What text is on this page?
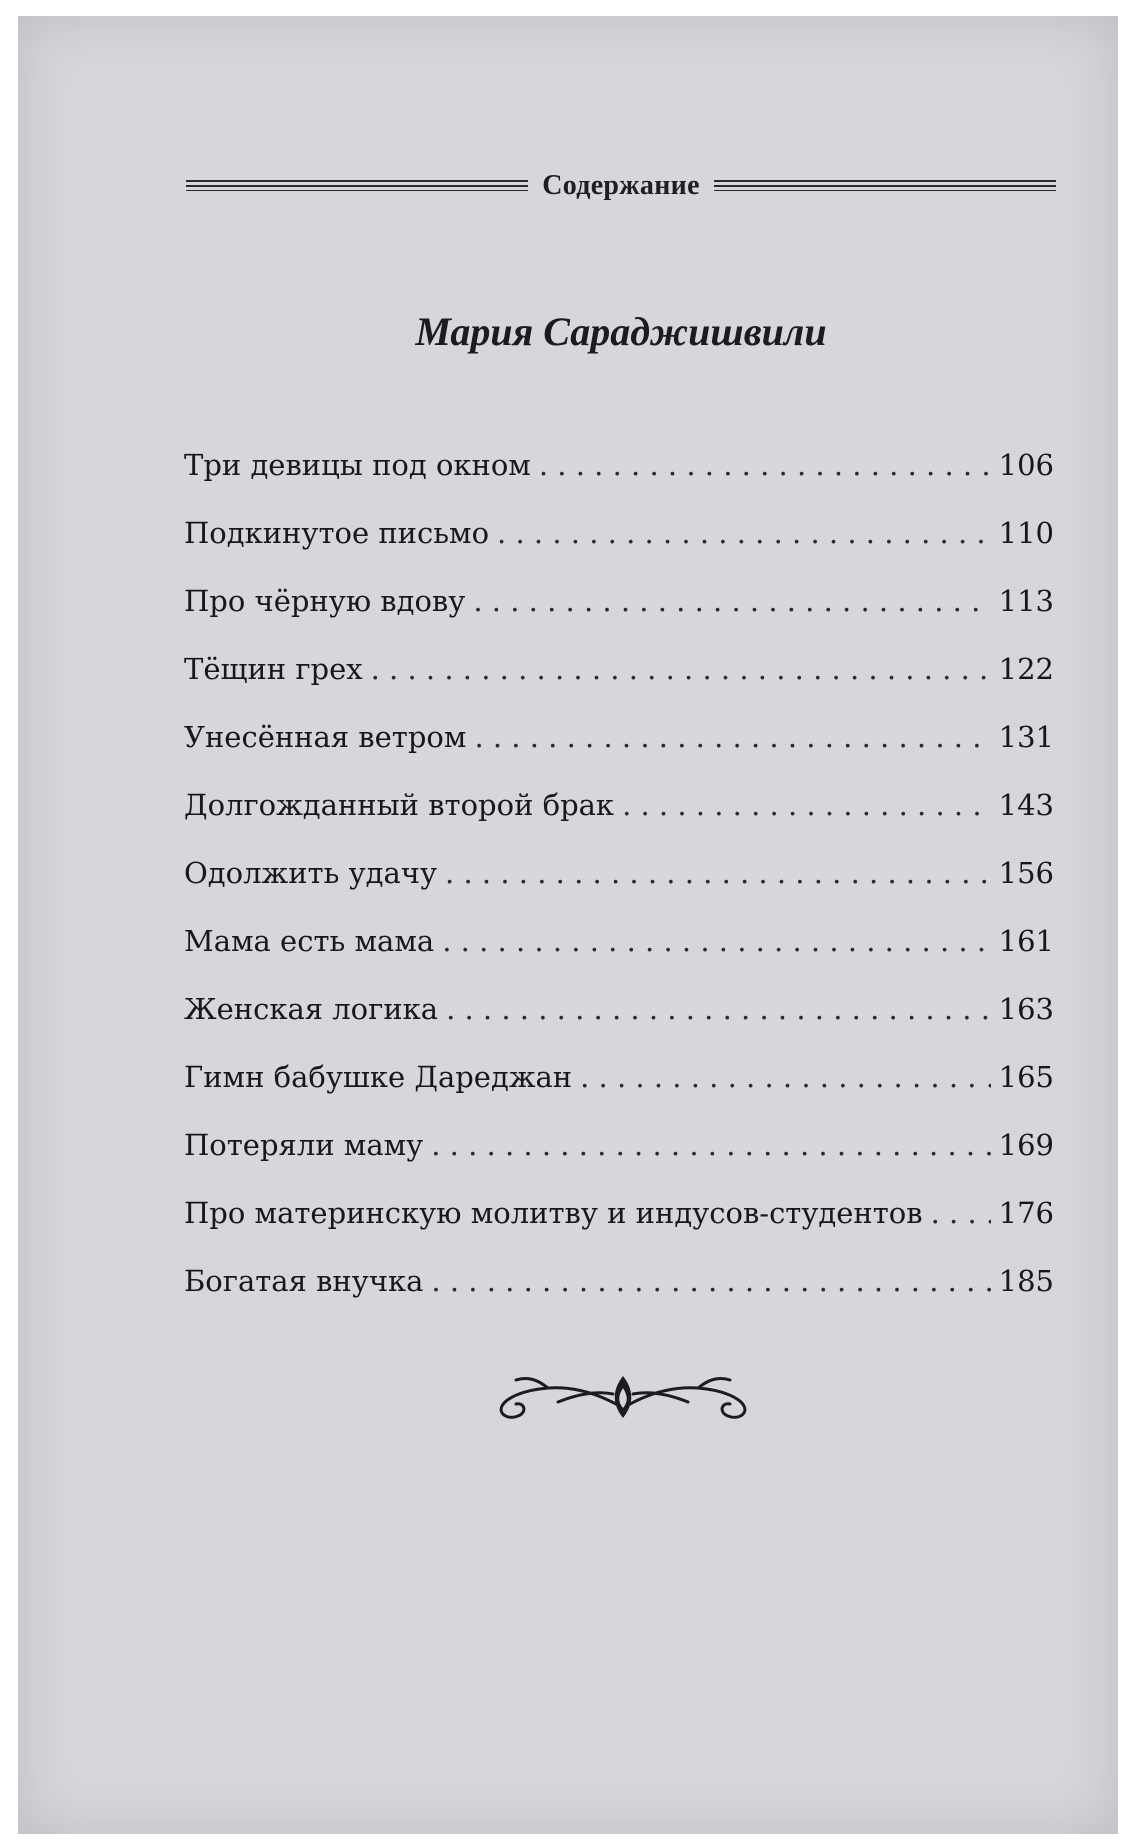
Содержание
Мария Сараджишвили
Три девицы под окном . . .	106
Подкинутое письмо . . .	110
Про чёрную вдову . . .	113
Тёщин грех . . .	122
Унесённая ветром . . .	131
Долгожданный второй брак . . .	143
Одолжить удачу . . .	156
Мама есть мама . . .	161
Женская логика . . .	163
Гимн бабушке Дареджан . . .	165
Потеряли маму . . .	169
Про материнскую молитву и индусов-студентов . . .	176
Богатая внучка . . .	185
